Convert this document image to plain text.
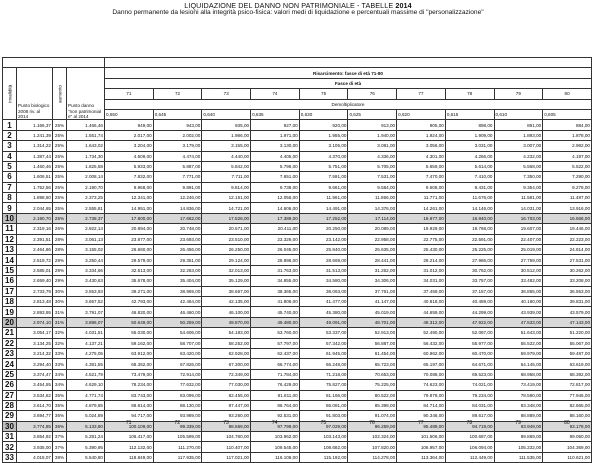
LIQUIDAZIONE DEL DANNO NON PATRIMONIALE - TABELLE 2014
Danno permanente da lesioni alla integrità psico-fisica: valori medi di liquidazione e percentuali massime di "personalizzazione"

Invalidità	Punto biologico 2008 riv. al 2014	aumento	Punto danno "non patrimonial e" al 2014	Risarcimento: fasce di età 71-80									
				Fasce di età									
				71	72	73	74	75	76	77	78	79	80
				Demoltiplicatore									
				0,650	0,645	0,640	0,635	0,630	0,625	0,620	0,615	0,610	0,605
1	1.166,37	25%	1.466,46	949,00	943,00	935,00	927,00	920,00	913,00	905,00	898,00	891,00	884,00
2	1.241,39	25%	1.551,74	2.017,00	2.002,00	1.986,00	1.971,00	1.955,00	1.940,00	1.924,00	1.909,00	1.893,00	1.878,00
3	1.314,22	25%	1.643,02	3.204,00	3.179,00	3.155,00	3.130,00	3.105,00	3.081,00	3.056,00	3.031,00	3.007,00	2.982,00
4	1.387,44	25%	1.734,30	4.509,00	4.474,00	4.440,00	4.405,00	4.370,00	4.336,00	4.301,00	4.266,00	4.232,00	4.197,00
5	1.460,46	25%	1.825,58	5.933,00	5.887,00	5.842,00	5.796,00	5.751,00	5.705,00	5.659,00	5.614,00	5.568,00	5.522,00
6	1.606,51	25%	2.008,14	7.832,00	7.771,00	7.711,00	7.651,00	7.591,00	7.531,00	7.470,00	7.410,00	7.350,00	7.290,00
7	1.752,56	25%	2.190,70	9.968,00	9.891,00	9.814,00	9.738,00	9.661,00	9.584,00	9.508,00	9.431,00	9.354,00	9.278,00
8	1.898,60	25%	2.373,25	12.341,00	12.246,00	12.151,00	12.056,00	11.961,00	11.866,00	11.771,00	11.676,00	11.581,00	11.487,00
9	2.044,65	25%	2.555,81	14.951,00	14.836,00	14.721,00	14.606,00	14.491,00	14.376,00	14.261,00	14.146,00	14.031,00	13.916,00
10	2.190,70	25%	2.738,37	17.800,00	17.662,00	17.526,00	17.389,00	17.252,00	17.114,00	16.977,00	16.840,00	16.703,00	16.566,00
11	2.319,16	26%	2.922,14	20.894,00	20.748,00	20.571,00	20.411,00	20.250,00	20.089,00	19.929,00	19.768,00	19.607,00	19.446,00
12	2.391,51	28%	3.061,13	23.877,00	23.693,00	23.510,00	23.326,00	23.142,00	22.958,00	22.775,00	22.591,00	22.407,00	22.223,00
13	2.464,86	28%	3.155,02	26.660,00	26.456,00	26.250,00	26.045,00	25.840,00	25.635,00	25.430,00	25.225,00	25.019,00	24.814,00
14	2.519,72	29%	3.250,44	29.579,00	29.351,00	29.124,00	28.896,00	28.669,00	28.441,00	28.214,00	27.986,00	27.759,00	27.531,00
15	2.585,01	29%	3.334,66	32.513,00	32.263,00	32.013,00	31.763,00	31.513,00	31.262,00	31.012,00	30.762,00	30.512,00	30.262,00
16	2.659,40	29%	3.430,63	35.678,00	35.404,00	35.129,00	34.855,00	34.580,00	34.306,00	34.031,00	33.757,00	33.482,00	33.208,00
17	2.733,79	30%	3.553,93	39.271,00	38.969,00	38.667,00	38.365,00	38.063,00	37.761,00	37.459,00	37.157,00	36.855,00	36.553,00
18	2.813,48	30%	3.657,52	42.793,00	42.464,00	42.135,00	41.806,00	41.477,00	41.147,00	40.818,00	40.489,00	40.160,00	39.831,00
19	2.893,95	31%	3.791,07	46.820,00	46.460,00	46.100,00	45.740,00	45.380,00	45.019,00	44.659,00	44.299,00	43.939,00	43.579,00
20	2.974,10	31%	3.896,07	50.649,00	50.259,00	49.870,00	49.480,00	49.091,00	48.701,00	48.312,00	47.922,00	47.533,00	47.143,00
21	3.054,17	32%	4.031,51	55.030,00	54.606,00	54.183,00	53.760,00	53.337,00	52.913,00	52.490,00	52.067,00	51.643,00	51.220,00
22	3.134,25	32%	4.137,21	59.162,00	58.707,00	58.252,00	57.797,00	57.342,00	56.887,00	56.432,00	55.977,00	55.522,00	55.067,00
23	3.214,32	33%	4.275,05	63.912,00	63.420,00	62.928,00	62.437,00	61.945,00	61.454,00	60.962,00	60.470,00	59.979,00	59.487,00
24	3.294,40	33%	4.381,55	68.352,00	67.826,00	67.300,00	66.774,00	66.248,00	65.723,00	65.197,00	64.671,00	64.145,00	63.619,00
25	3.374,47	34%	4.521,79	73.479,00	72.914,00	72.349,00	71.784,00	71.218,00	70.653,00	70.088,00	69.523,00	68.958,00	68.392,00
26	3.454,55	34%	4.629,10	78.234,00	77.632,00	77.030,00	76.429,00	75.827,00	75.225,00	74.623,00	74.021,00	73.419,00	72.817,00
27	3.534,62	35%	4.771,74	83.743,00	83.099,00	82.455,00	81.811,00	81.166,00	80.522,00	79.878,00	79.234,00	78.590,00	77.946,00
28	3.614,70	35%	4.879,85	88.814,00	88.130,00	87.447,00	86.764,00	86.081,00	85.398,00	84.714,00	84.031,00	83.348,00	82.665,00
29	3.694,77	36%	5.024,89	94.717,00	93.989,00	93.260,00	92.531,00	91.803,00	91.074,00	90.346,00	89.617,00	88.889,00	88.160,00
30	3.774,85	36%	5.133,80	100.109,00	99.339,00	98.569,00	97.799,00	97.029,00	96.259,00	95.489,00	94.719,00	93.949,00	93.178,00
31	3.854,92	37%	5.281,24	106.417,00	105.599,00	104.780,00	103.962,00	103.143,00	102.324,00	101.506,00	100.687,00	99.869,00	99.050,00
32	3.935,00	37%	5.390,95	112.132,00	111.270,00	110.407,00	109.545,00	108.682,00	107.820,00	106.957,00	106.094,00	105.232,00	104.369,00
33	4.015,07	38%	5.540,80	118.849,00	117.935,00	117.021,00	116.106,00	115.192,00	114.278,00	113.364,00	112.449,00	111.535,00	110.621,00
71	72	73	74	75	76	77	78	79	80
